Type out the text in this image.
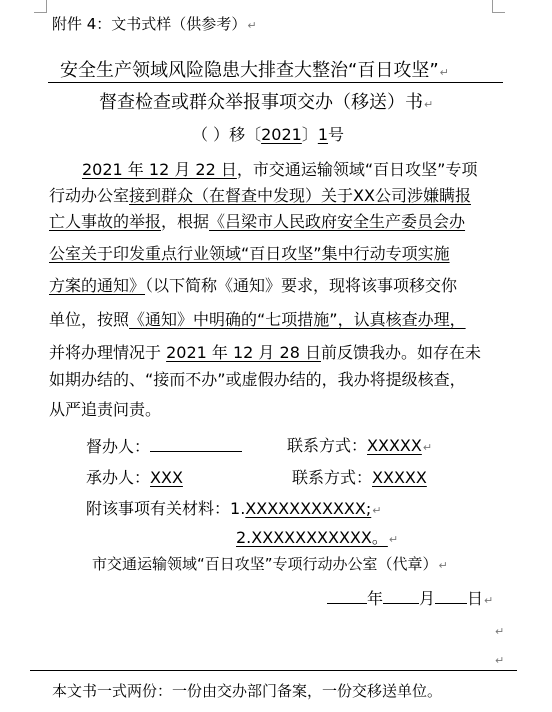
附件 4：文书式样（供参考）↵
安全生产领域风险隐患大排查大整治“百日攻坚”↵
督查检查或群众举报事项交办（移送）书↵
（ ）移〔2021〕1号
2021 年 12 月 22 日，市交通运输领域“百日攻坚”专项
行动办公室接到群众（在督查中发现）关于XX公司涉嫌瞒报
亡人事故的举报，根据《吕梁市人民政府安全生产委员会办
公室关于印发重点行业领域“百日攻坚”集中行动专项实施
方案的通知》（以下简称《通知》要求，现将该事项移交你
单位，按照《通知》中明确的“七项措施”，认真核查办理，
并将办理情况于 2021 年 12 月 28 日前反馈我办。如存在未
如期办结的、“接而不办”或虚假办结的，我办将提级核查，
从严追责问责。
督办人：	联系方式：XXXXX↵
承办人：XXX	联系方式：XXXXX
附该事项有关材料：1.XXXXXXXXXXX;↵
2.XXXXXXXXXXX。↵
市交通运输领域“百日攻坚”专项行动办公室（代章）↵
年 月 日↵
↵
↵
本文书一式两份：一份由交办部门备案，一份交移送单位。
